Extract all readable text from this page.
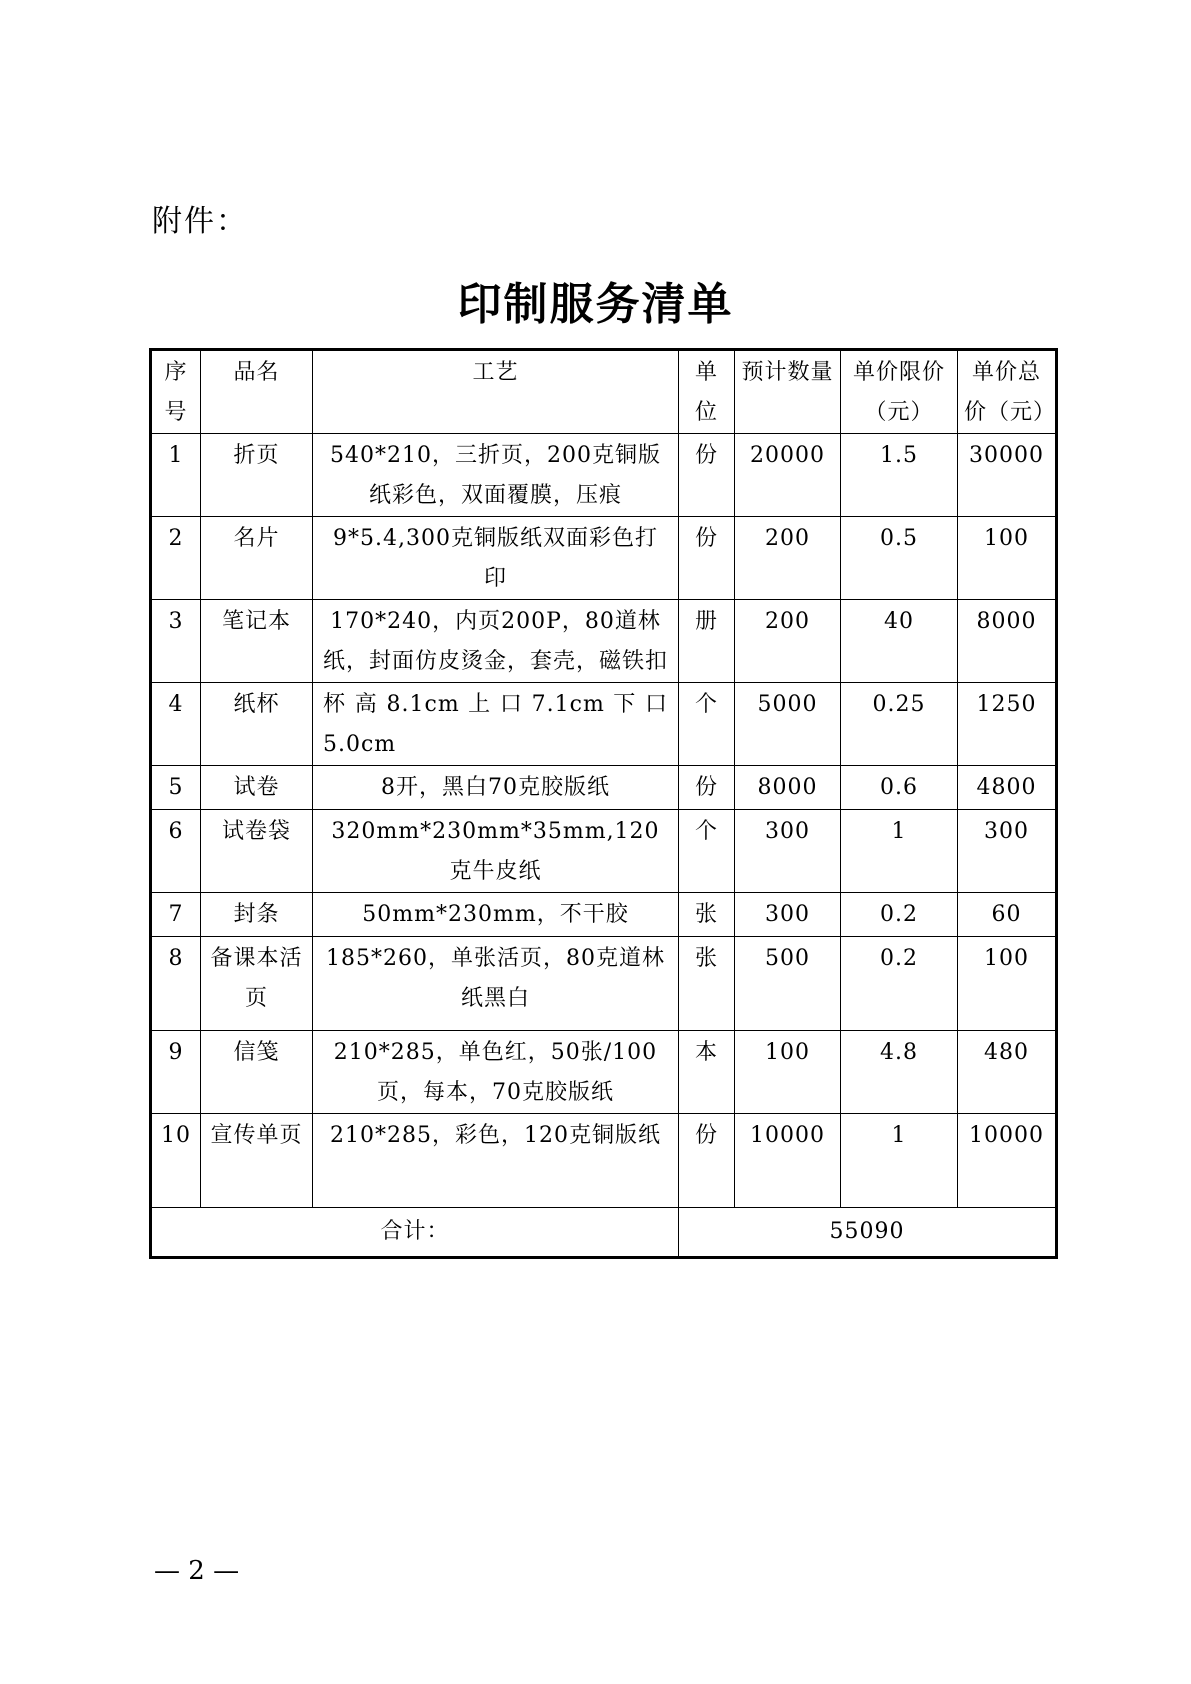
附件：
印制服务清单
序号	品名	工艺	单位	预计数量	单价限价（元）	单价总价（元）
1	折页	540*210，三折页，200克铜版纸彩色，双面覆膜，压痕	份	20000	1.5	30000
2	名片	9*5.4,300克铜版纸双面彩色打印	份	200	0.5	100
3	笔记本	170*240，内页200P，80道林纸，封面仿皮烫金，套壳，磁铁扣	册	200	40	8000
4	纸杯	杯 高 8.1cm 上 口 7.1cm 下 口 5.0cm	个	5000	0.25	1250
5	试卷	8开，黑白70克胶版纸	份	8000	0.6	4800
6	试卷袋	320mm*230mm*35mm,120克牛皮纸	个	300	1	300
7	封条	50mm*230mm，不干胶	张	300	0.2	60
8	备课本活页	185*260，单张活页，80克道林纸黑白	张	500	0.2	100
9	信笺	210*285，单色红，50张/100页，每本，70克胶版纸	本	100	4.8	480
10	宣传单页	210*285，彩色，120克铜版纸	份	10000	1	10000
合计：			55090			
— 2 —
